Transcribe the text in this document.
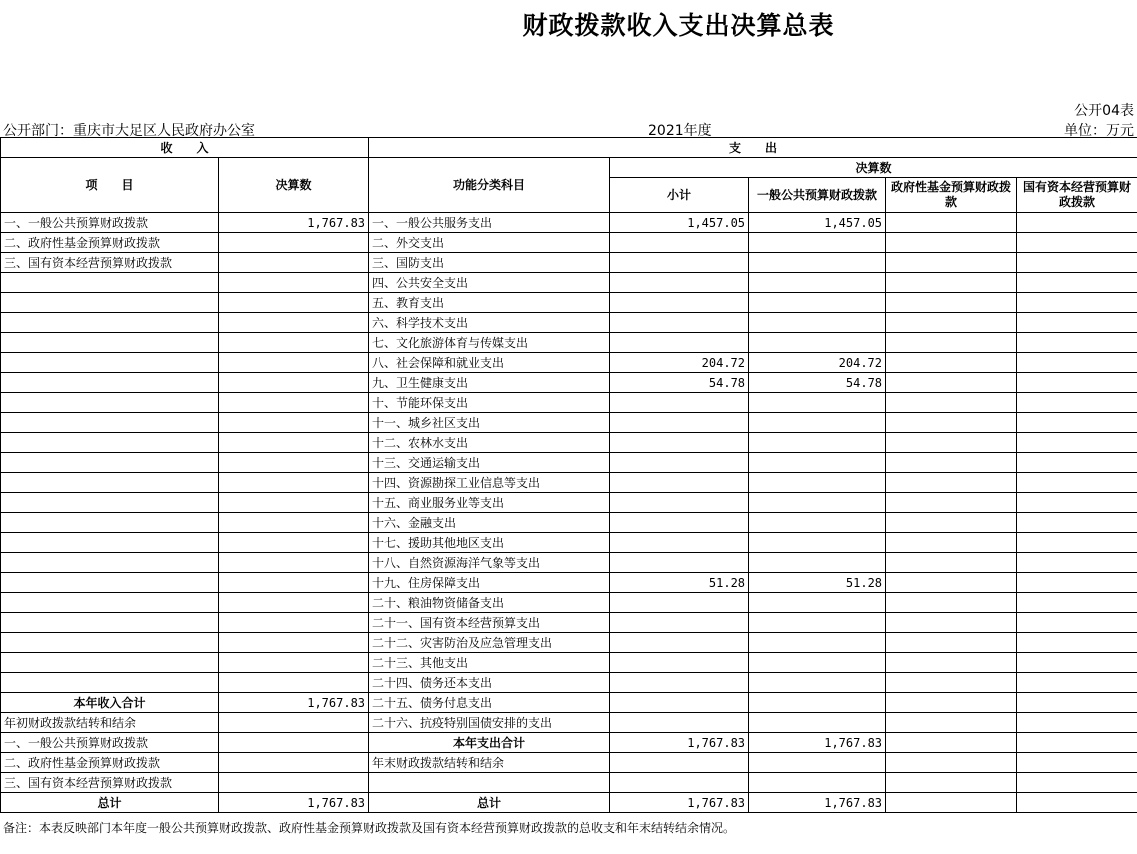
财政拨款收入支出决算总表
公开04表
公开部门：重庆市大足区人民政府办公室	2021年度	单位：万元
收　　入		支　　出				
项　　目	决算数	功能分类科目	决算数			
			小计	一般公共预算财政拨款	政府性基金预算财政拨款	国有资本经营预算财政拨款
一、一般公共预算财政拨款	1,767.83	一、一般公共服务支出	1,457.05	1,457.05		
二、政府性基金预算财政拨款		二、外交支出				
三、国有资本经营预算财政拨款		三、国防支出				
		四、公共安全支出				
		五、教育支出				
		六、科学技术支出				
		七、文化旅游体育与传媒支出				
		八、社会保障和就业支出	204.72	204.72		
		九、卫生健康支出	54.78	54.78		
		十、节能环保支出				
		十一、城乡社区支出				
		十二、农林水支出				
		十三、交通运输支出				
		十四、资源勘探工业信息等支出				
		十五、商业服务业等支出				
		十六、金融支出				
		十七、援助其他地区支出				
		十八、自然资源海洋气象等支出				
		十九、住房保障支出	51.28	51.28		
		二十、粮油物资储备支出				
		二十一、国有资本经营预算支出				
		二十二、灾害防治及应急管理支出				
		二十三、其他支出				
		二十四、债务还本支出				
本年收入合计	1,767.83	二十五、债务付息支出				
年初财政拨款结转和结余		二十六、抗疫特别国债安排的支出				
一、一般公共预算财政拨款		本年支出合计	1,767.83	1,767.83		
二、政府性基金预算财政拨款		年末财政拨款结转和结余				
三、国有资本经营预算财政拨款						
总计	1,767.83	总计	1,767.83	1,767.83		
备注：本表反映部门本年度一般公共预算财政拨款、政府性基金预算财政拨款及国有资本经营预算财政拨款的总收支和年末结转结余情况。
